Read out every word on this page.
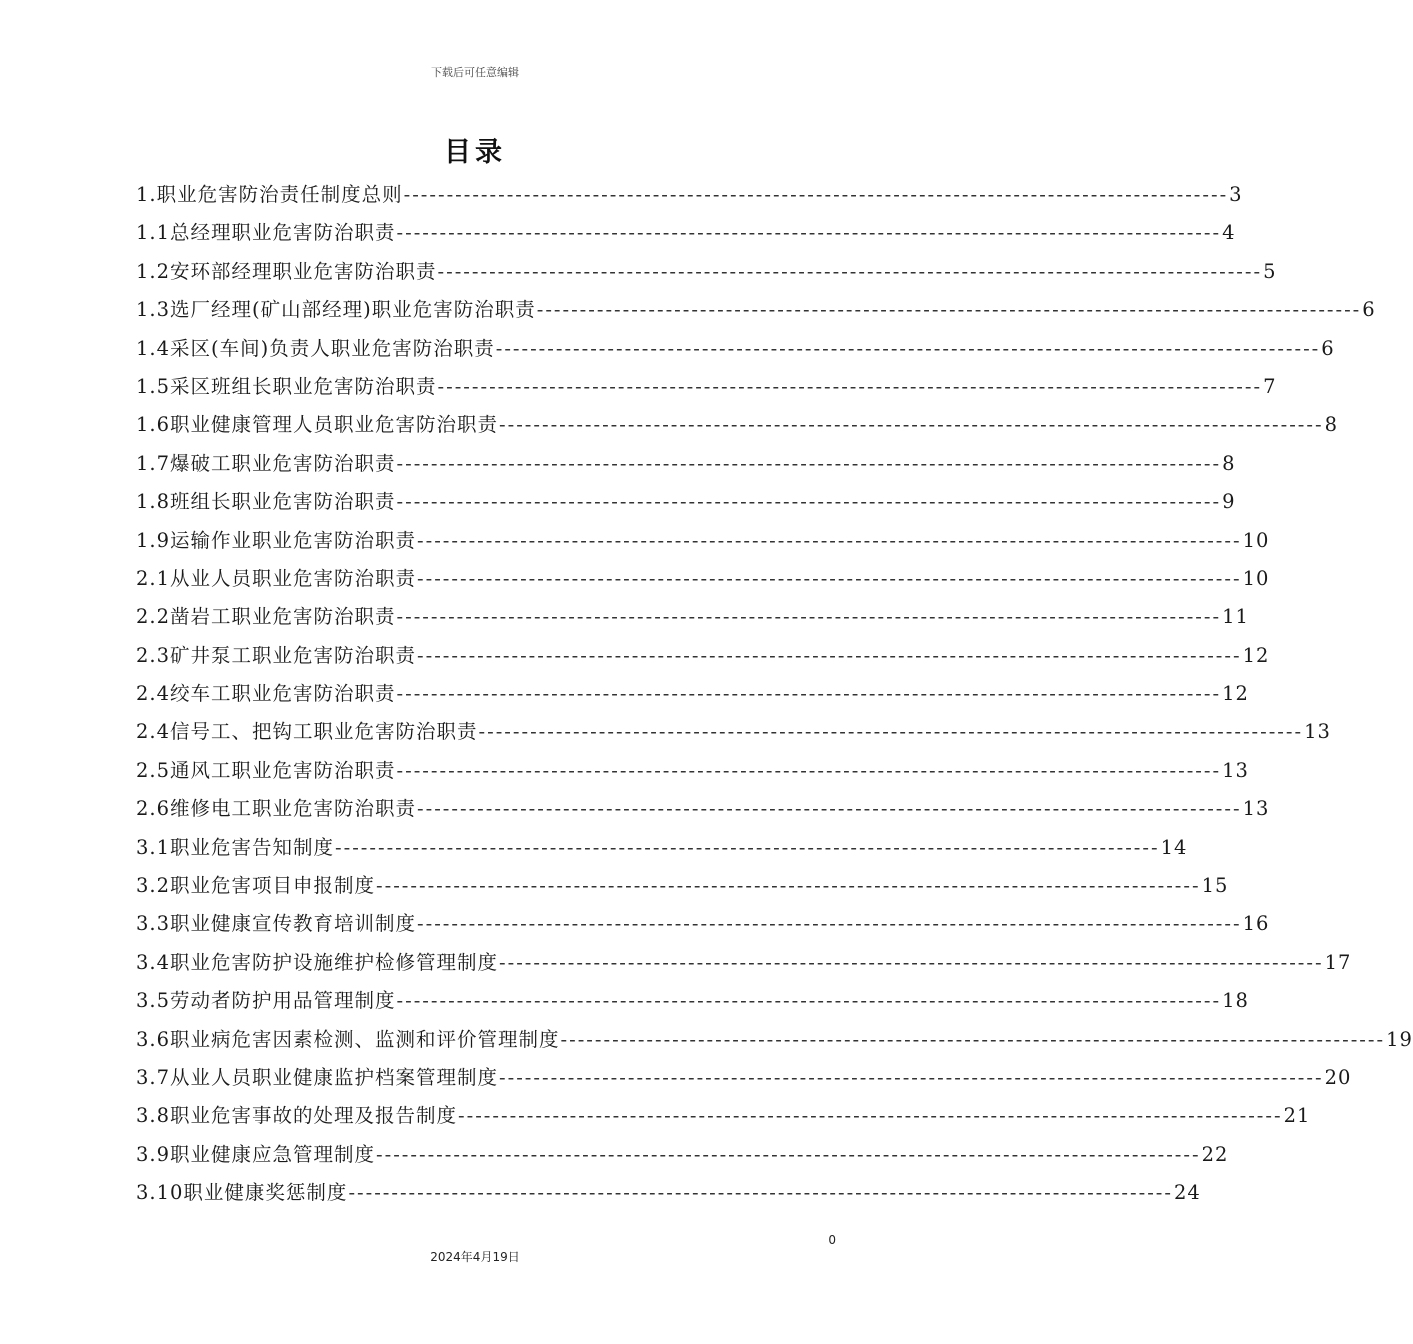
下载后可任意编辑
目录
1. 职业危害防治责任制度总则 ------------------------------------------------------------------------------------------------ 3
1.1 总经理职业危害防治职责 ------------------------------------------------------------------------------------------------ 4
1.2 安环部经理职业危害防治职责 ------------------------------------------------------------------------------------------------ 5
1.3 选厂经理(矿山部经理)职业危害防治职责 ------------------------------------------------------------------------------------------------ 6
1.4 采区(车间)负责人职业危害防治职责 ------------------------------------------------------------------------------------------------ 6
1.5 采区班组长职业危害防治职责 ------------------------------------------------------------------------------------------------ 7
1.6 职业健康管理人员职业危害防治职责 ------------------------------------------------------------------------------------------------ 8
1.7 爆破工职业危害防治职责 ------------------------------------------------------------------------------------------------ 8
1.8 班组长职业危害防治职责 ------------------------------------------------------------------------------------------------ 9
1.9 运输作业职业危害防治职责 ------------------------------------------------------------------------------------------------ 10
2.1 从业人员职业危害防治职责 ------------------------------------------------------------------------------------------------ 10
2.2 凿岩工职业危害防治职责 ------------------------------------------------------------------------------------------------ 11
2.3 矿井泵工职业危害防治职责 ------------------------------------------------------------------------------------------------ 12
2.4 绞车工职业危害防治职责 ------------------------------------------------------------------------------------------------ 12
2.4 信号工、把钩工职业危害防治职责 ------------------------------------------------------------------------------------------------ 13
2.5 通风工职业危害防治职责 ------------------------------------------------------------------------------------------------ 13
2.6 维修电工职业危害防治职责 ------------------------------------------------------------------------------------------------ 13
3.1 职业危害告知制度 ------------------------------------------------------------------------------------------------ 14
3.2 职业危害项目申报制度 ------------------------------------------------------------------------------------------------ 15
3.3 职业健康宣传教育培训制度 ------------------------------------------------------------------------------------------------ 16
3.4 职业危害防护设施维护检修管理制度 ------------------------------------------------------------------------------------------------ 17
3.5 劳动者防护用品管理制度 ------------------------------------------------------------------------------------------------ 18
3.6 职业病危害因素检测、监测和评价管理制度 ------------------------------------------------------------------------------------------------ 19
3.7 从业人员职业健康监护档案管理制度 ------------------------------------------------------------------------------------------------ 20
3.8 职业危害事故的处理及报告制度 ------------------------------------------------------------------------------------------------ 21
3.9 职业健康应急管理制度 ------------------------------------------------------------------------------------------------ 22
3.10 职业健康奖惩制度 ------------------------------------------------------------------------------------------------ 24
0
2024年4月19日
